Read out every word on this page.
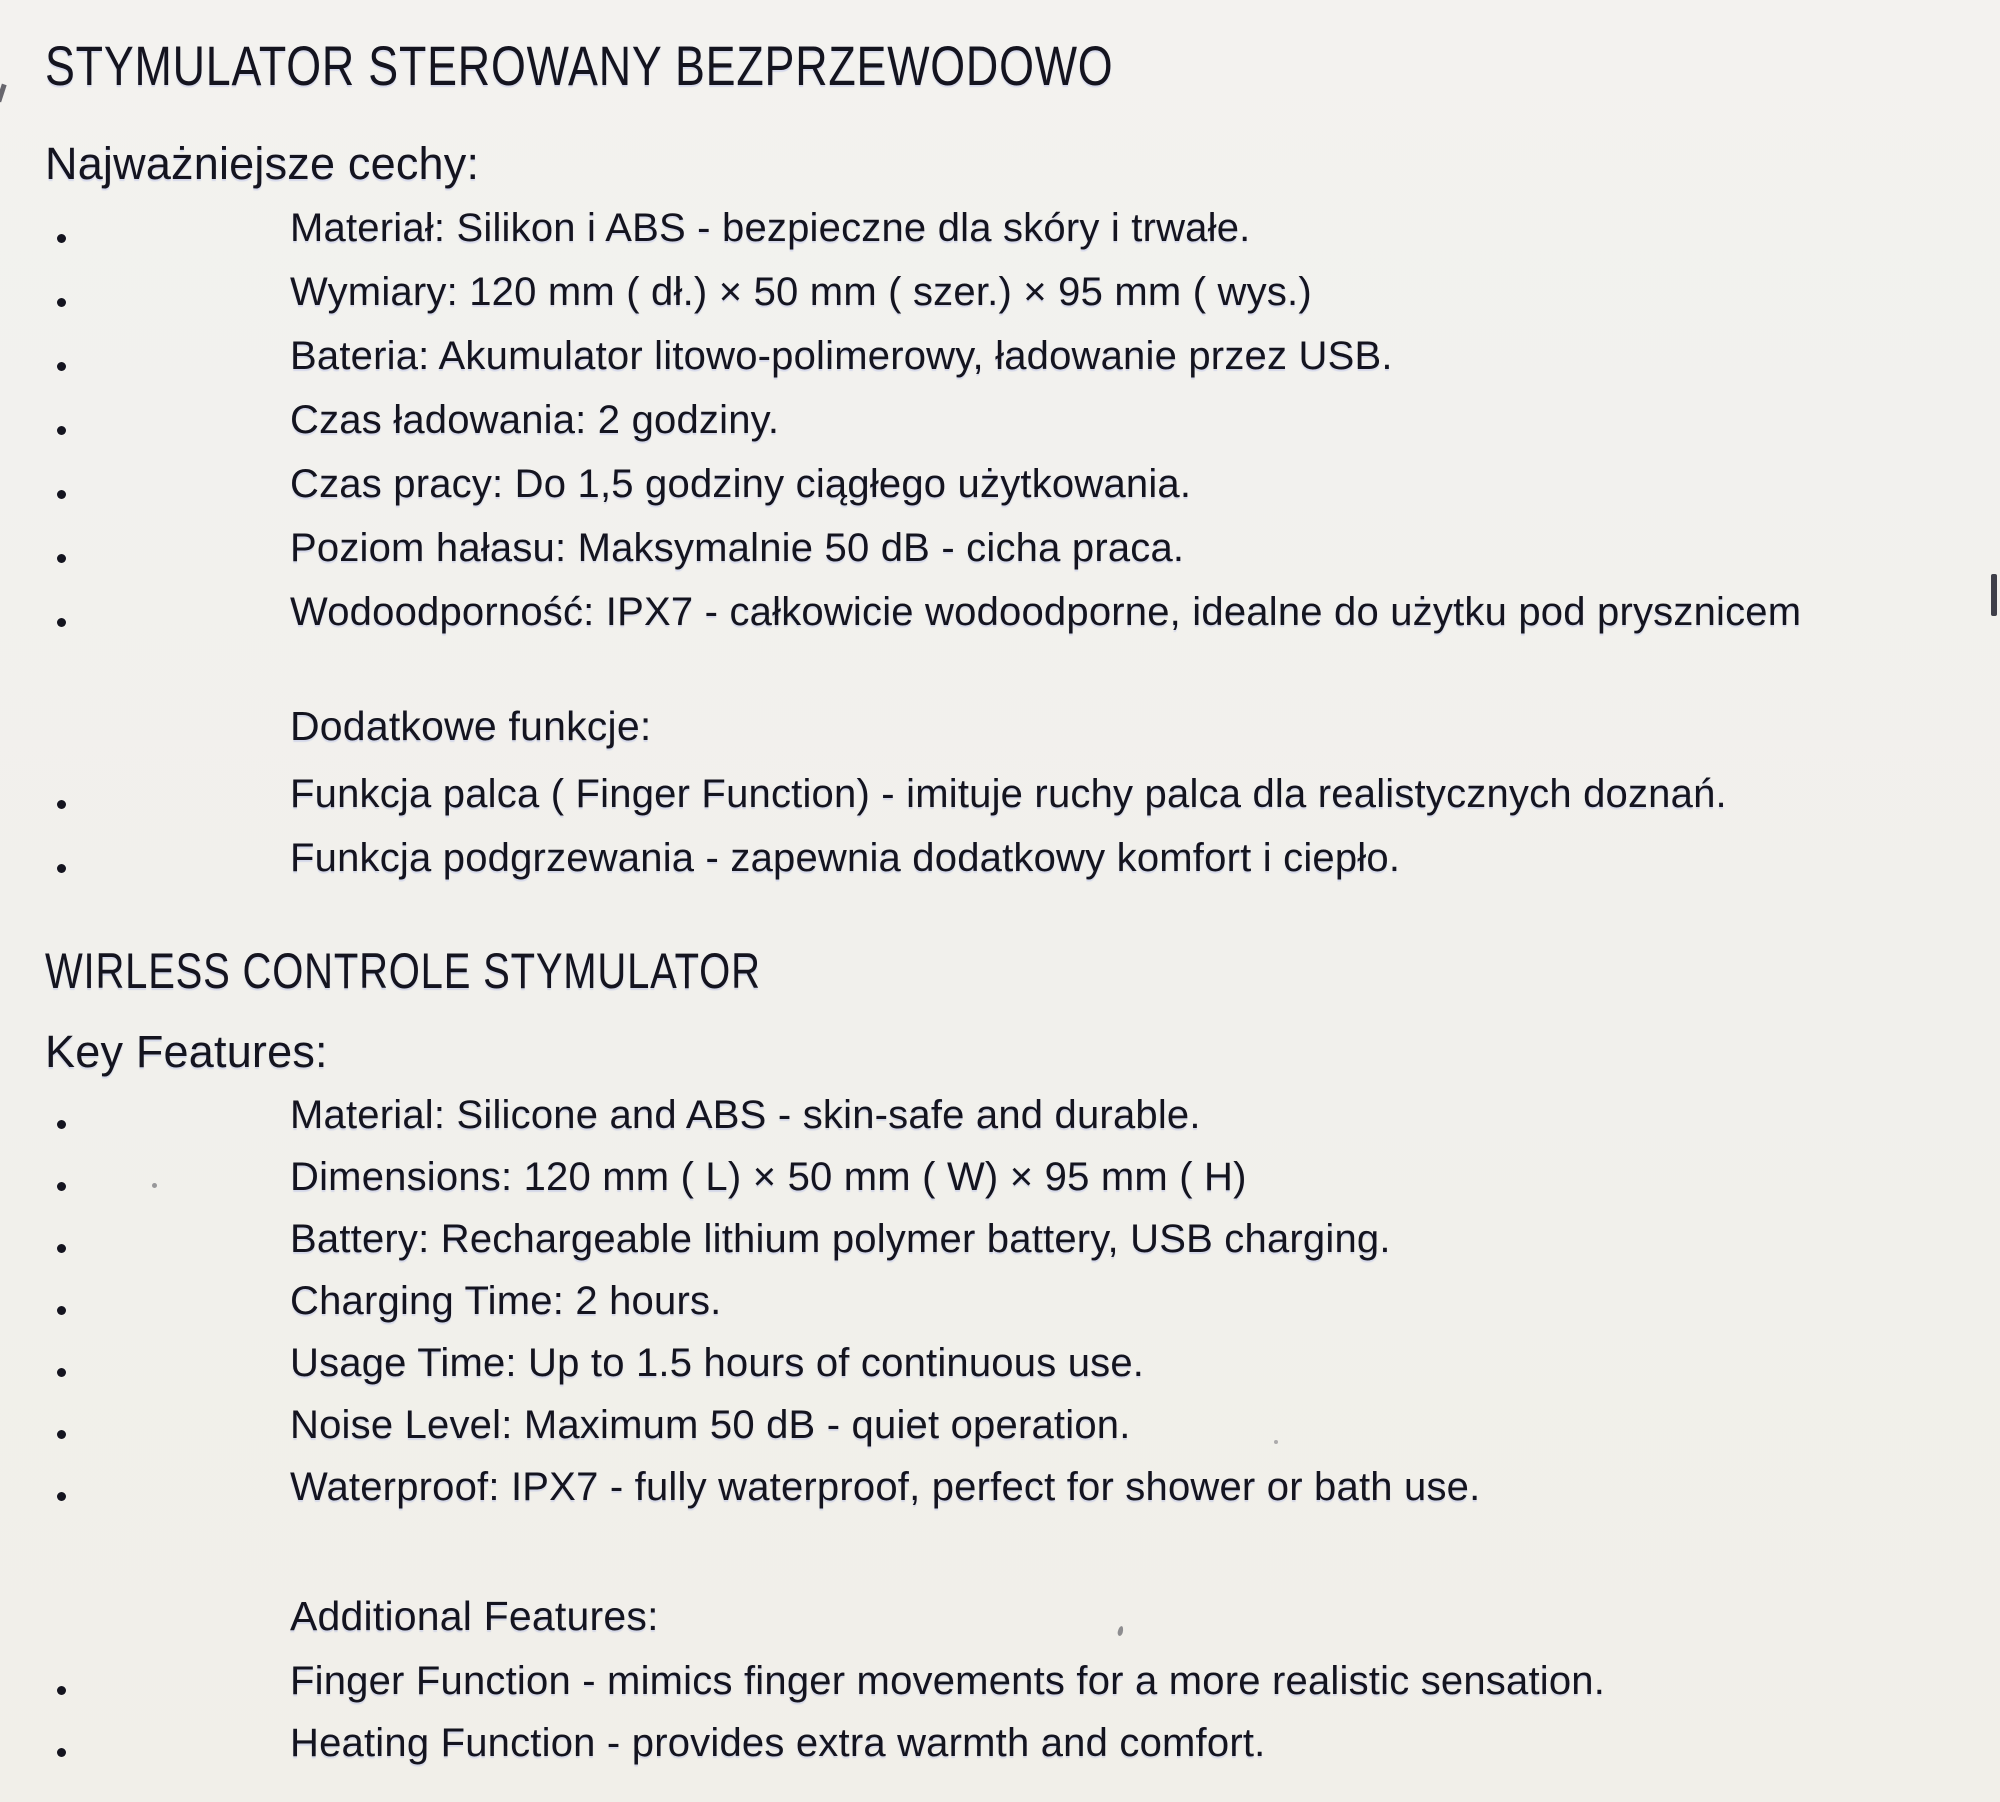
STYMULATOR STEROWANY BEZPRZEWODOWO
Najważniejsze cechy:
Materiał: Silikon i ABS - bezpieczne dla skóry i trwałe.
Wymiary: 120 mm ( dł.) × 50 mm ( szer.) × 95 mm ( wys.)
Bateria: Akumulator litowo-polimerowy, ładowanie przez USB.
Czas ładowania: 2 godziny.
Czas pracy: Do 1,5 godziny ciągłego użytkowania.
Poziom hałasu: Maksymalnie 50 dB - cicha praca.
Wodoodporność: IPX7 - całkowicie wodoodporne, idealne do użytku pod prysznicem
Dodatkowe funkcje:
Funkcja palca ( Finger Function) - imituje ruchy palca dla realistycznych doznań.
Funkcja podgrzewania - zapewnia dodatkowy komfort i ciepło.
WIRLESS CONTROLE STYMULATOR
Key Features:
Material: Silicone and ABS - skin-safe and durable.
Dimensions: 120 mm ( L) × 50 mm ( W) × 95 mm ( H)
Battery: Rechargeable lithium polymer battery, USB charging.
Charging Time: 2 hours.
Usage Time: Up to 1.5 hours of continuous use.
Noise Level: Maximum 50 dB - quiet operation.
Waterproof: IPX7 - fully waterproof, perfect for shower or bath use.
Additional Features:
Finger Function - mimics finger movements for a more realistic sensation.
Heating Function - provides extra warmth and comfort.
